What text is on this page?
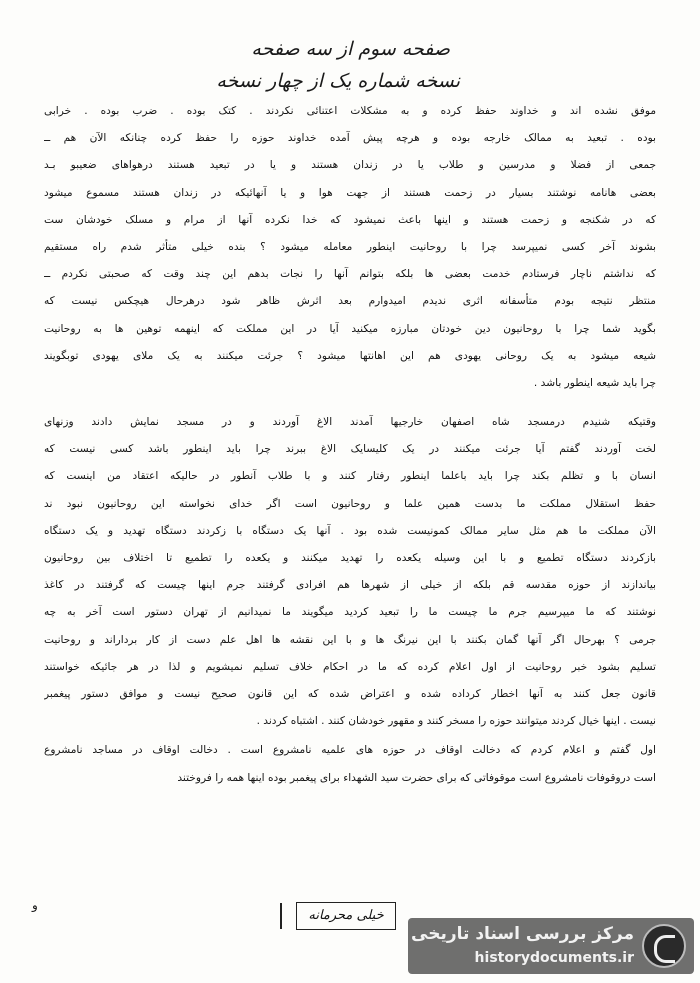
صفحه سوم از سه صفحه
نسخه شماره یک از چهار نسخه
موفق نشده اند و خداوند حفظ کرده و به مشکلات اعتنائی نکردند . کتک بوده . ضرب بوده . خرابی
بوده . تبعید به ممالک خارجه بوده و هرچه پیش آمده خداوند حوزه را حفظ کرده چنانکه الآن هم ــ
جمعی از فضلا و مدرسین و طلاب یا در زندان هستند و یا در تبعید هستند درهواهای ضعیبو بـد
بعضی هانامه نوشتند بسیار در زحمت هستند از جهت هوا و یا آنهائیکه در زندان هستند مسموع میشود
که در شکنجه و زحمت هستند و اینها باعث نمیشود که خدا نکرده آنها از مرام و مسلک خودشان ست
بشوند آخر کسی نمیپرسد چرا با روحانیت اینطور معامله میشود ؟ بنده خیلی متأثر شدم راه مستقیم
که نداشتم ناچار فرستادم خدمت بعضی ها بلکه بتوانم آنها را نجات بدهم این چند وقت که صحبتی نکردم ــ
منتظر نتیجه بودم متأسفانه اثری ندیدم امیدوارم بعد اثرش ظاهر شود درهرحال هیچکس نیست که
بگوید شما چرا با روحانیون دین خودتان مبارزه میکنید آیا در این مملکت که اینهمه توهین ها به روحانیت
شیعه میشود به یک روحانی یهودی هم این اهانتها میشود ؟ جرئت میکنند به یک ملای یهودی توبگویند
چرا باید شیعه اینطور باشد .
وقتیکه شنیدم درمسجد شاه اصفهان خارجیها آمدند الاغ آوردند و در مسجد نمایش دادند وزنهای
لخت آوردند گفتم آیا جرئت میکنند در یک کلیسایک الاغ ببرند چرا باید اینطور باشد کسی نیست که
انسان با و تظلم بکند چرا باید باعلما اینطور رفتار کنند و با طلاب آنطور در حالیکه اعتقاد من اینست که
حفظ استقلال مملکت ما بدست همین علما و روحانیون است اگر خدای نخواسته این روحانیون نبود ند
الآن مملکت ما هم مثل سایر ممالک کمونیست شده بود . آنها یک دستگاه با زکردند دستگاه تهدید و یک دستگاه
بازکردند دستگاه تطمیع و با این وسیله یکعده را تهدید میکنند و یکعده را تطمیع تا اختلاف بین روحانیون
بیاندازند از حوزه مقدسه قم بلکه از خیلی از شهرها هم افرادی گرفتند جرم اینها چیست که گرفتند در کاغذ
نوشتند که ما میپرسیم جرم ما چیست ما را تبعید کردید میگویند ما نمیدانیم از تهران دستور است آخر به چه
جرمی ؟ بهرحال اگر آنها گمان بکنند با این نیرنگ ها و با این نقشه ها اهل علم دست از کار برداراند و روحانیت
تسلیم بشود خبر روحانیت از اول اعلام کرده که ما در احکام خلاف تسلیم نمیشویم و لذا در هر جائیکه خواستند
قانون جعل کنند به آنها اخطار کرداده شده و اعتراض شده که این قانون صحیح نیست و موافق دستور پیغمبر
نیست . اینها خیال کردند میتوانند حوزه را مسخر کنند و مقهور خودشان کنند . اشتباه کردند .
اول گفتم و اعلام کردم که دخالت اوقاف در حوزه های علمیه نامشروع است . دخالت اوقاف در مساجد نامشروع
است دروقوفات نامشروع است موقوفاتی که برای حضرت سید الشهداء برای پیغمبر بوده اینها همه را فروختند
و
خیلی محرمانه
مرکز بررسی اسناد تاریخی
historydocuments.ir
